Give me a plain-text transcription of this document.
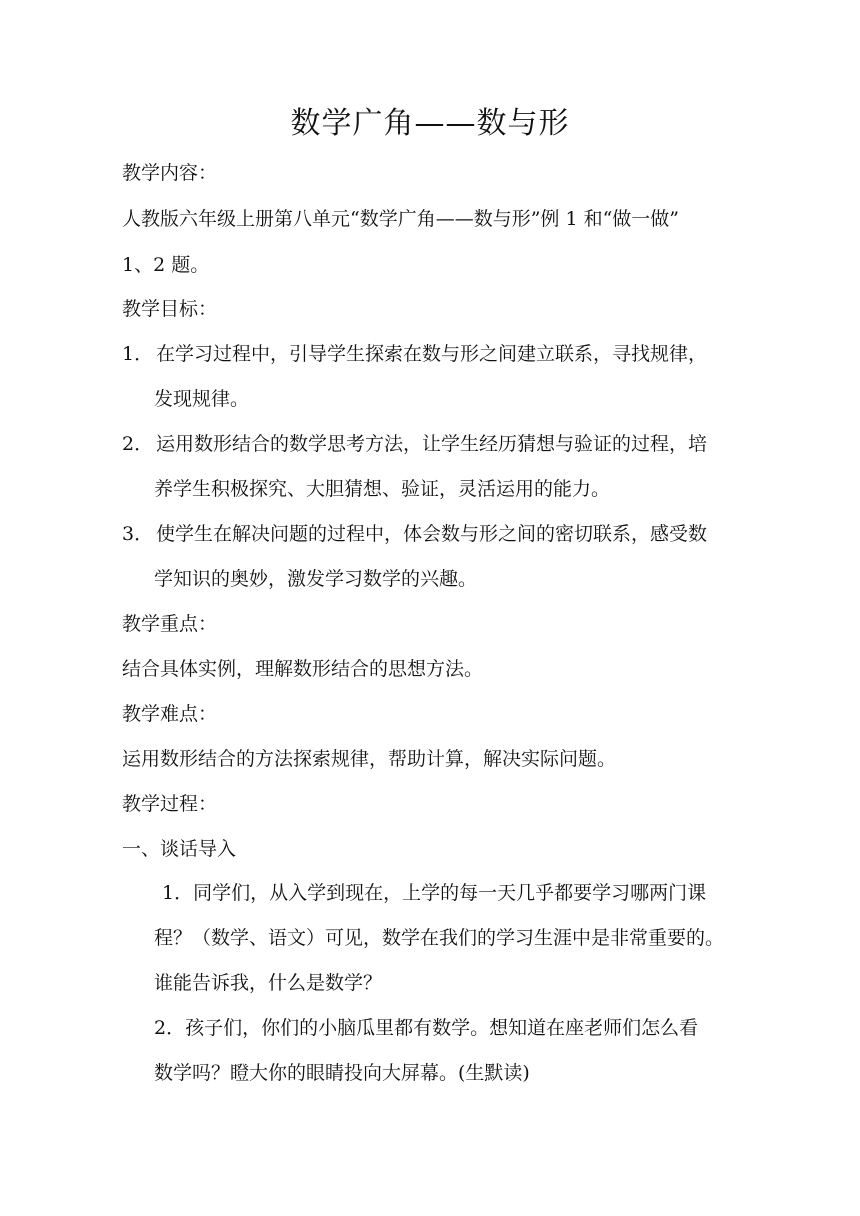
数学广角——数与形
教学内容：
人教版六年级上册第八单元“数学广角——数与形”例 1 和“做一做”
1、2 题。
教学目标：
1． 在学习过程中，引导学生探索在数与形之间建立联系，寻找规律，
发现规律。
2． 运用数形结合的数学思考方法，让学生经历猜想与验证的过程，培
养学生积极探究、大胆猜想、验证，灵活运用的能力。
3． 使学生在解决问题的过程中，体会数与形之间的密切联系，感受数
学知识的奥妙，激发学习数学的兴趣。
教学重点：
结合具体实例，理解数形结合的思想方法。
教学难点：
运用数形结合的方法探索规律，帮助计算，解决实际问题。
教学过程：
一、谈话导入
1．同学们，从入学到现在，上学的每一天几乎都要学习哪两门课
程？（数学、语文）可见，数学在我们的学习生涯中是非常重要的。
谁能告诉我，什么是数学？
2．孩子们，你们的小脑瓜里都有数学。想知道在座老师们怎么看
数学吗？瞪大你的眼睛投向大屏幕。(生默读)
